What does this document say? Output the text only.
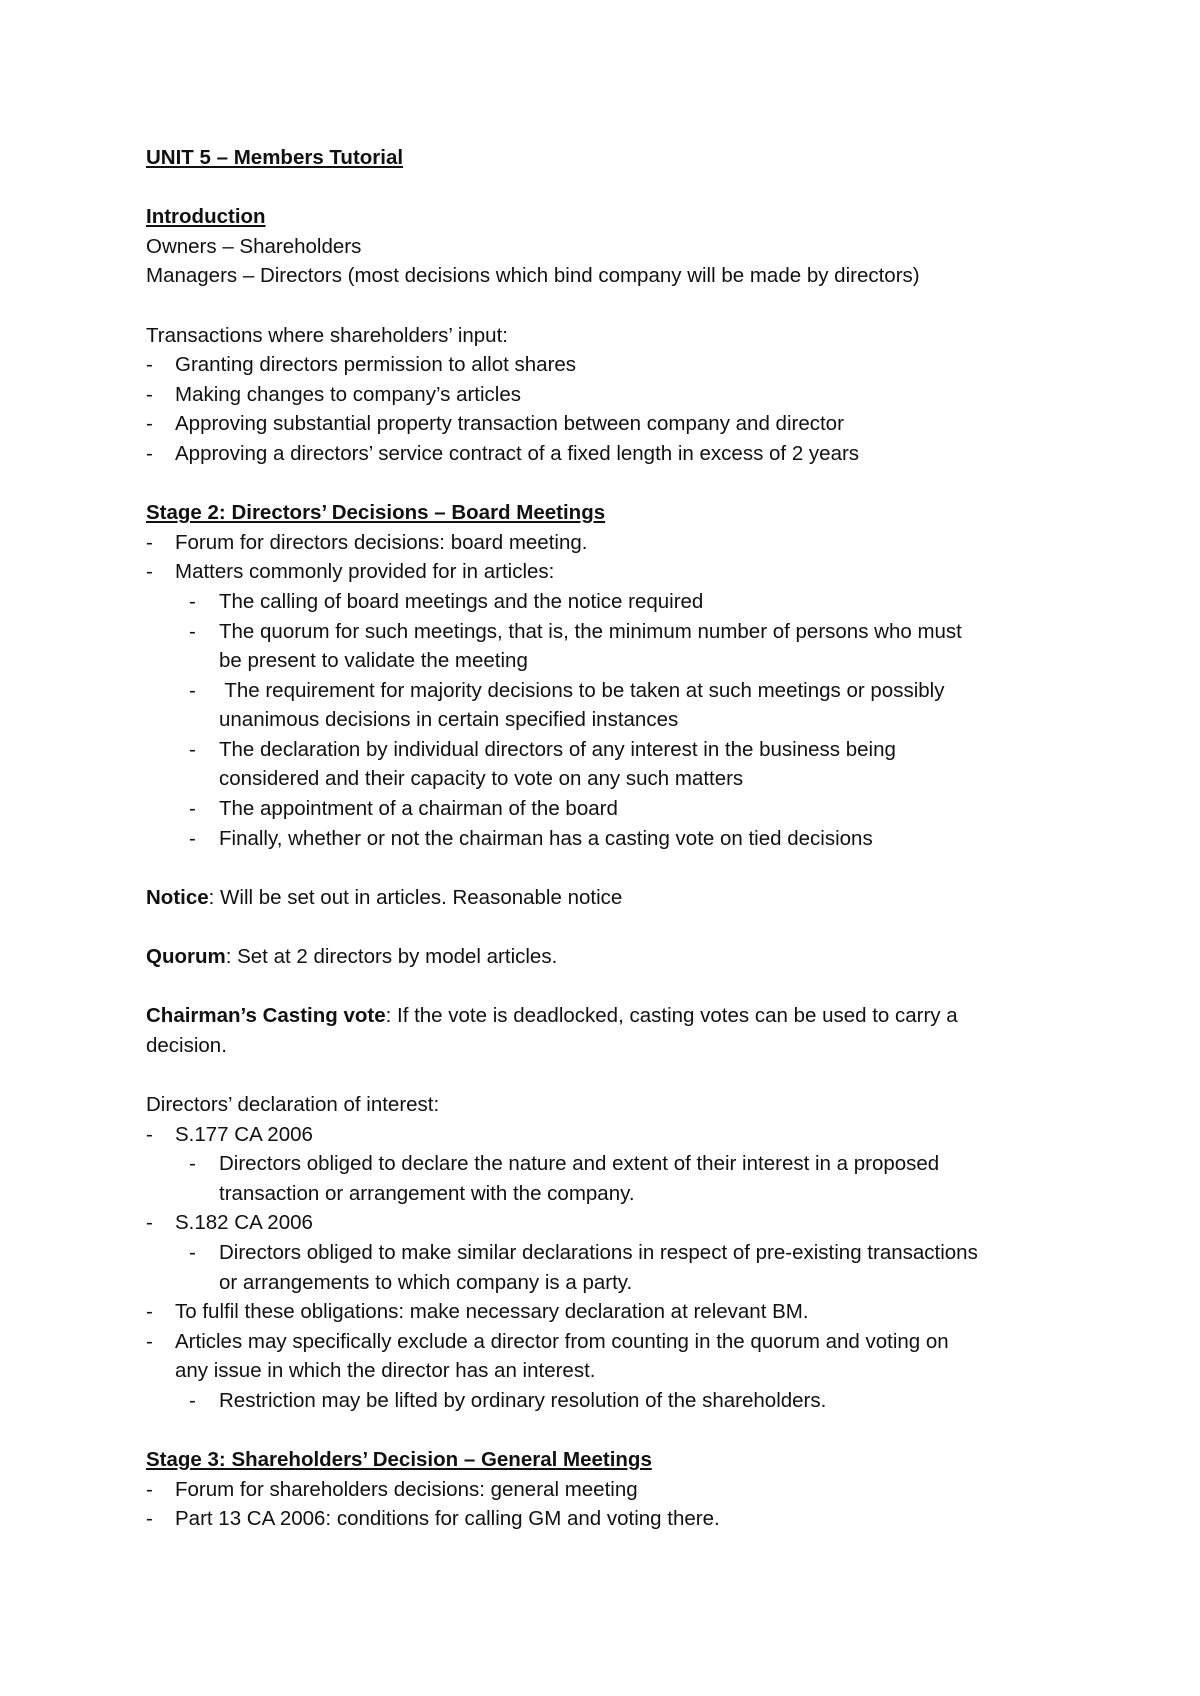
UNIT 5 – Members Tutorial
Introduction
Owners – Shareholders
Managers – Directors (most decisions which bind company will be made by directors)
Transactions where shareholders’ input:
- Granting directors permission to allot shares
- Making changes to company’s articles
- Approving substantial property transaction between company and director
- Approving a directors’ service contract of a fixed length in excess of 2 years
Stage 2: Directors’ Decisions – Board Meetings
- Forum for directors decisions: board meeting.
- Matters commonly provided for in articles:
- The calling of board meetings and the notice required
- The quorum for such meetings, that is, the minimum number of persons who must
be present to validate the meeting
- The requirement for majority decisions to be taken at such meetings or possibly
unanimous decisions in certain specified instances
- The declaration by individual directors of any interest in the business being
considered and their capacity to vote on any such matters
- The appointment of a chairman of the board
- Finally, whether or not the chairman has a casting vote on tied decisions
Notice: Will be set out in articles. Reasonable notice
Quorum: Set at 2 directors by model articles.
Chairman’s Casting vote: If the vote is deadlocked, casting votes can be used to carry a
decision.
Directors’ declaration of interest:
- S.177 CA 2006
- Directors obliged to declare the nature and extent of their interest in a proposed
transaction or arrangement with the company.
- S.182 CA 2006
- Directors obliged to make similar declarations in respect of pre-existing transactions
or arrangements to which company is a party.
- To fulfil these obligations: make necessary declaration at relevant BM.
- Articles may specifically exclude a director from counting in the quorum and voting on
any issue in which the director has an interest.
- Restriction may be lifted by ordinary resolution of the shareholders.
Stage 3: Shareholders’ Decision – General Meetings
- Forum for shareholders decisions: general meeting
- Part 13 CA 2006: conditions for calling GM and voting there.
